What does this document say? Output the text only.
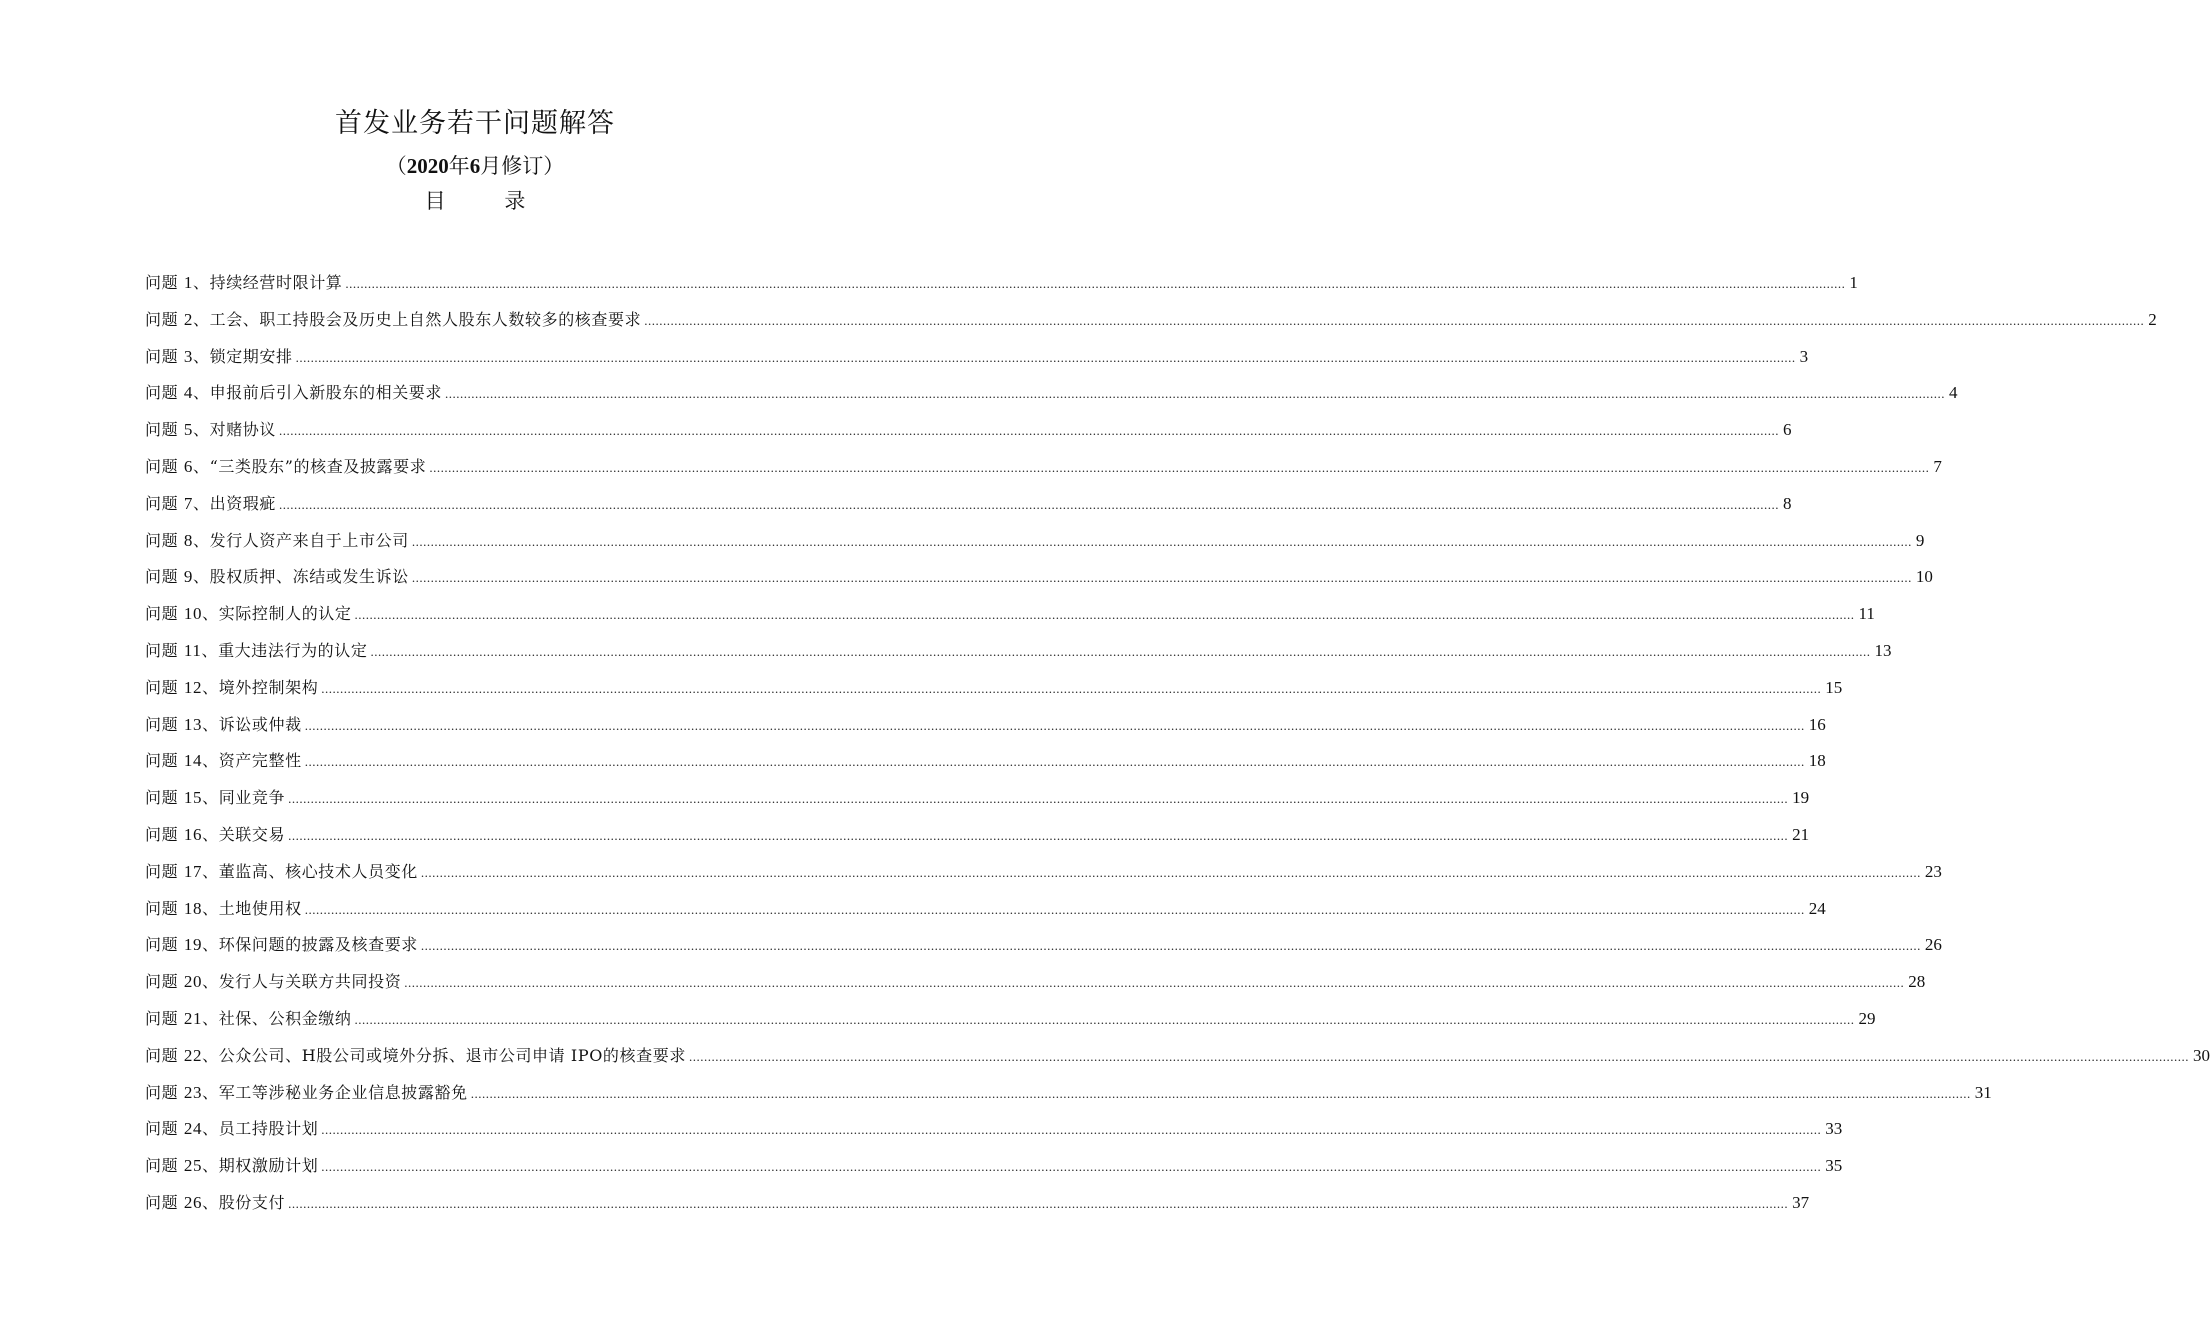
首发业务若干问题解答
（2020年6月修订）
目 录
问题 1、持续经营时限计算 ................................................................................................................................................................................................................................................................................................................................................................................................................ 1
问题 2、工会、职工持股会及历史上自然人股东人数较多的核查要求 ................................................................................................................................................................................................................................................................................................................................................................................................................ 2
问题 3、锁定期安排 ................................................................................................................................................................................................................................................................................................................................................................................................................ 3
问题 4、申报前后引入新股东的相关要求 ................................................................................................................................................................................................................................................................................................................................................................................................................ 4
问题 5、对赌协议 ................................................................................................................................................................................................................................................................................................................................................................................................................ 6
问题 6、“三类股东”的核查及披露要求 ................................................................................................................................................................................................................................................................................................................................................................................................................ 7
问题 7、出资瑕疵 ................................................................................................................................................................................................................................................................................................................................................................................................................ 8
问题 8、发行人资产来自于上市公司 ................................................................................................................................................................................................................................................................................................................................................................................................................ 9
问题 9、股权质押、冻结或发生诉讼 ................................................................................................................................................................................................................................................................................................................................................................................................................ 10
问题 10、实际控制人的认定 ................................................................................................................................................................................................................................................................................................................................................................................................................ 11
问题 11、重大违法行为的认定 ................................................................................................................................................................................................................................................................................................................................................................................................................ 13
问题 12、境外控制架构 ................................................................................................................................................................................................................................................................................................................................................................................................................ 15
问题 13、诉讼或仲裁 ................................................................................................................................................................................................................................................................................................................................................................................................................ 16
问题 14、资产完整性 ................................................................................................................................................................................................................................................................................................................................................................................................................ 18
问题 15、同业竞争 ................................................................................................................................................................................................................................................................................................................................................................................................................ 19
问题 16、关联交易 ................................................................................................................................................................................................................................................................................................................................................................................................................ 21
问题 17、董监高、核心技术人员变化 ................................................................................................................................................................................................................................................................................................................................................................................................................ 23
问题 18、土地使用权 ................................................................................................................................................................................................................................................................................................................................................................................................................ 24
问题 19、环保问题的披露及核查要求 ................................................................................................................................................................................................................................................................................................................................................................................................................ 26
问题 20、发行人与关联方共同投资 ................................................................................................................................................................................................................................................................................................................................................................................................................ 28
问题 21、社保、公积金缴纳 ................................................................................................................................................................................................................................................................................................................................................................................................................ 29
问题 22、公众公司、H股公司或境外分拆、退市公司申请 IPO的核查要求 ................................................................................................................................................................................................................................................................................................................................................................................................................ 30
问题 23、军工等涉秘业务企业信息披露豁免 ................................................................................................................................................................................................................................................................................................................................................................................................................ 31
问题 24、员工持股计划 ................................................................................................................................................................................................................................................................................................................................................................................................................ 33
问题 25、期权激励计划 ................................................................................................................................................................................................................................................................................................................................................................................................................ 35
问题 26、股份支付 ................................................................................................................................................................................................................................................................................................................................................................................................................ 37
